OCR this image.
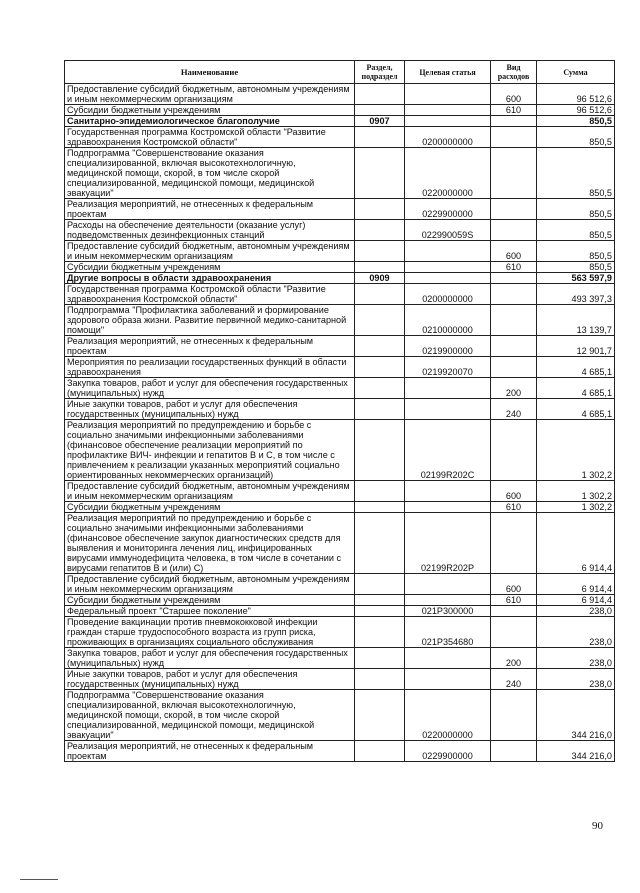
Наименование	Раздел, подраздел	Целевая статья	Вид расходов	Сумма
Предоставление субсидий бюджетным, автономным учреждениям и иным некоммерческим организациям			600	96 512,6
Субсидии бюджетным учреждениям			610	96 512,6
Санитарно-эпидемиологическое благополучие	0907			850,5
Государственная программа Костромской области "Развитие здравоохранения Костромской области"		0200000000		850,5
Подпрограмма "Совершенствование оказания специализированной, включая высокотехнологичную, медицинской помощи, скорой, в том числе скорой специализированной, медицинской помощи, медицинской эвакуации"		0220000000		850,5
Реализация мероприятий, не отнесенных к федеральным проектам		0229900000		850,5
Расходы на обеспечение деятельности (оказание услуг) подведомственных дезинфекционных станций		022990059S		850,5
Предоставление субсидий бюджетным, автономным учреждениям и иным некоммерческим организациям			600	850,5
Субсидии бюджетным учреждениям			610	850,5
Другие вопросы в области здравоохранения	0909			563 597,9
Государственная программа Костромской области "Развитие здравоохранения Костромской области"		0200000000		493 397,3
Подпрограмма "Профилактика заболеваний и формирование здорового образа жизни. Развитие первичной медико-санитарной помощи"		0210000000		13 139,7
Реализация мероприятий, не отнесенных к федеральным проектам		0219900000		12 901,7
Мероприятия по реализации государственных функций в области здравоохранения		0219920070		4 685,1
Закупка товаров, работ и услуг для обеспечения государственных (муниципальных) нужд			200	4 685,1
Иные закупки товаров, работ и услуг для обеспечения государственных (муниципальных) нужд			240	4 685,1
Реализация мероприятий по предупреждению и борьбе с социально значимыми инфекционными заболеваниями (финансовое обеспечение реализации мероприятий по профилактике ВИЧ- инфекции и гепатитов В и С, в том числе с привлечением к реализации указанных мероприятий социально ориентированных некоммерческих организаций)		02199R202C		1 302,2
Предоставление субсидий бюджетным, автономным учреждениям и иным некоммерческим организациям			600	1 302,2
Субсидии бюджетным учреждениям			610	1 302,2
Реализация мероприятий по предупреждению и борьбе с социально значимыми инфекционными заболеваниями (финансовое обеспечение закупок диагностических средств для выявления и мониторинга лечения лиц, инфицированных вирусами иммунодефицита человека, в том числе в сочетании с вирусами гепатитов В и (или) С)		02199R202P		6 914,4
Предоставление субсидий бюджетным, автономным учреждениям и иным некоммерческим организациям			600	6 914,4
Субсидии бюджетным учреждениям			610	6 914,4
Федеральный проект "Старшее поколение"		021P300000		238,0
Проведение вакцинации против пневмококковой инфекции граждан старше трудоспособного возраста из групп риска, проживающих в организациях социального обслуживания		021P354680		238,0
Закупка товаров, работ и услуг для обеспечения государственных (муниципальных) нужд			200	238,0
Иные закупки товаров, работ и услуг для обеспечения государственных (муниципальных) нужд			240	238,0
Подпрограмма "Совершенствование оказания специализированной, включая высокотехнологичную, медицинской помощи, скорой, в том числе скорой специализированной, медицинской помощи, медицинской эвакуации"		0220000000		344 216,0
Реализация мероприятий, не отнесенных к федеральным проектам		0229900000		344 216,0
90
